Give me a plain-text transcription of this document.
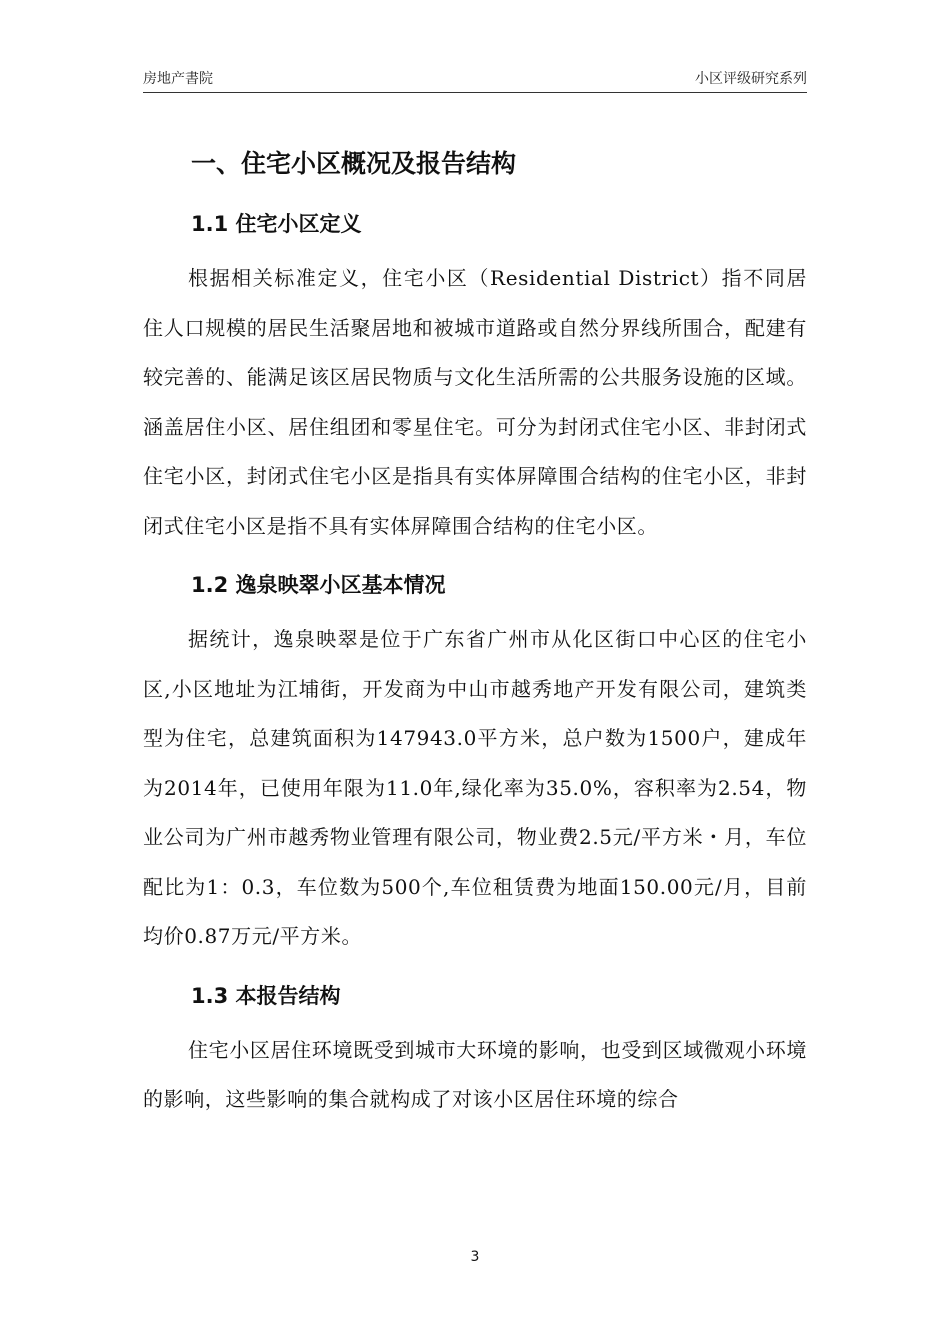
房地产書院	小区评级研究系列
一、住宅小区概况及报告结构
1.1 住宅小区定义

根据相关标准定义，住宅小区（Residential District）指不同居住人口规模的居民生活聚居地和被城市道路或自然分界线所围合，配建有较完善的、能满足该区居民物质与文化生活所需的公共服务设施的区域。涵盖居住小区、居住组团和零星住宅。可分为封闭式住宅小区、非封闭式住宅小区，封闭式住宅小区是指具有实体屏障围合结构的住宅小区，非封闭式住宅小区是指不具有实体屏障围合结构的住宅小区。

1.2 逸泉映翠小区基本情况

据统计，逸泉映翠是位于广东省广州市从化区街口中心区的住宅小区,小区地址为江埔街，开发商为中山市越秀地产开发有限公司，建筑类型为住宅，总建筑面积为147943.0平方米，总户数为1500户，建成年为2014年，已使用年限为11.0年,绿化率为35.0%，容积率为2.54，物业公司为广州市越秀物业管理有限公司，物业费2.5元/平方米・月，车位配比为1：0.3，车位数为500个,车位租赁费为地面150.00元/月，目前均价0.87万元/平方米。

1.3 本报告结构

住宅小区居住环境既受到城市大环境的影响，也受到区域微观小环境的影响，这些影响的集合就构成了对该小区居住环境的综合

3
